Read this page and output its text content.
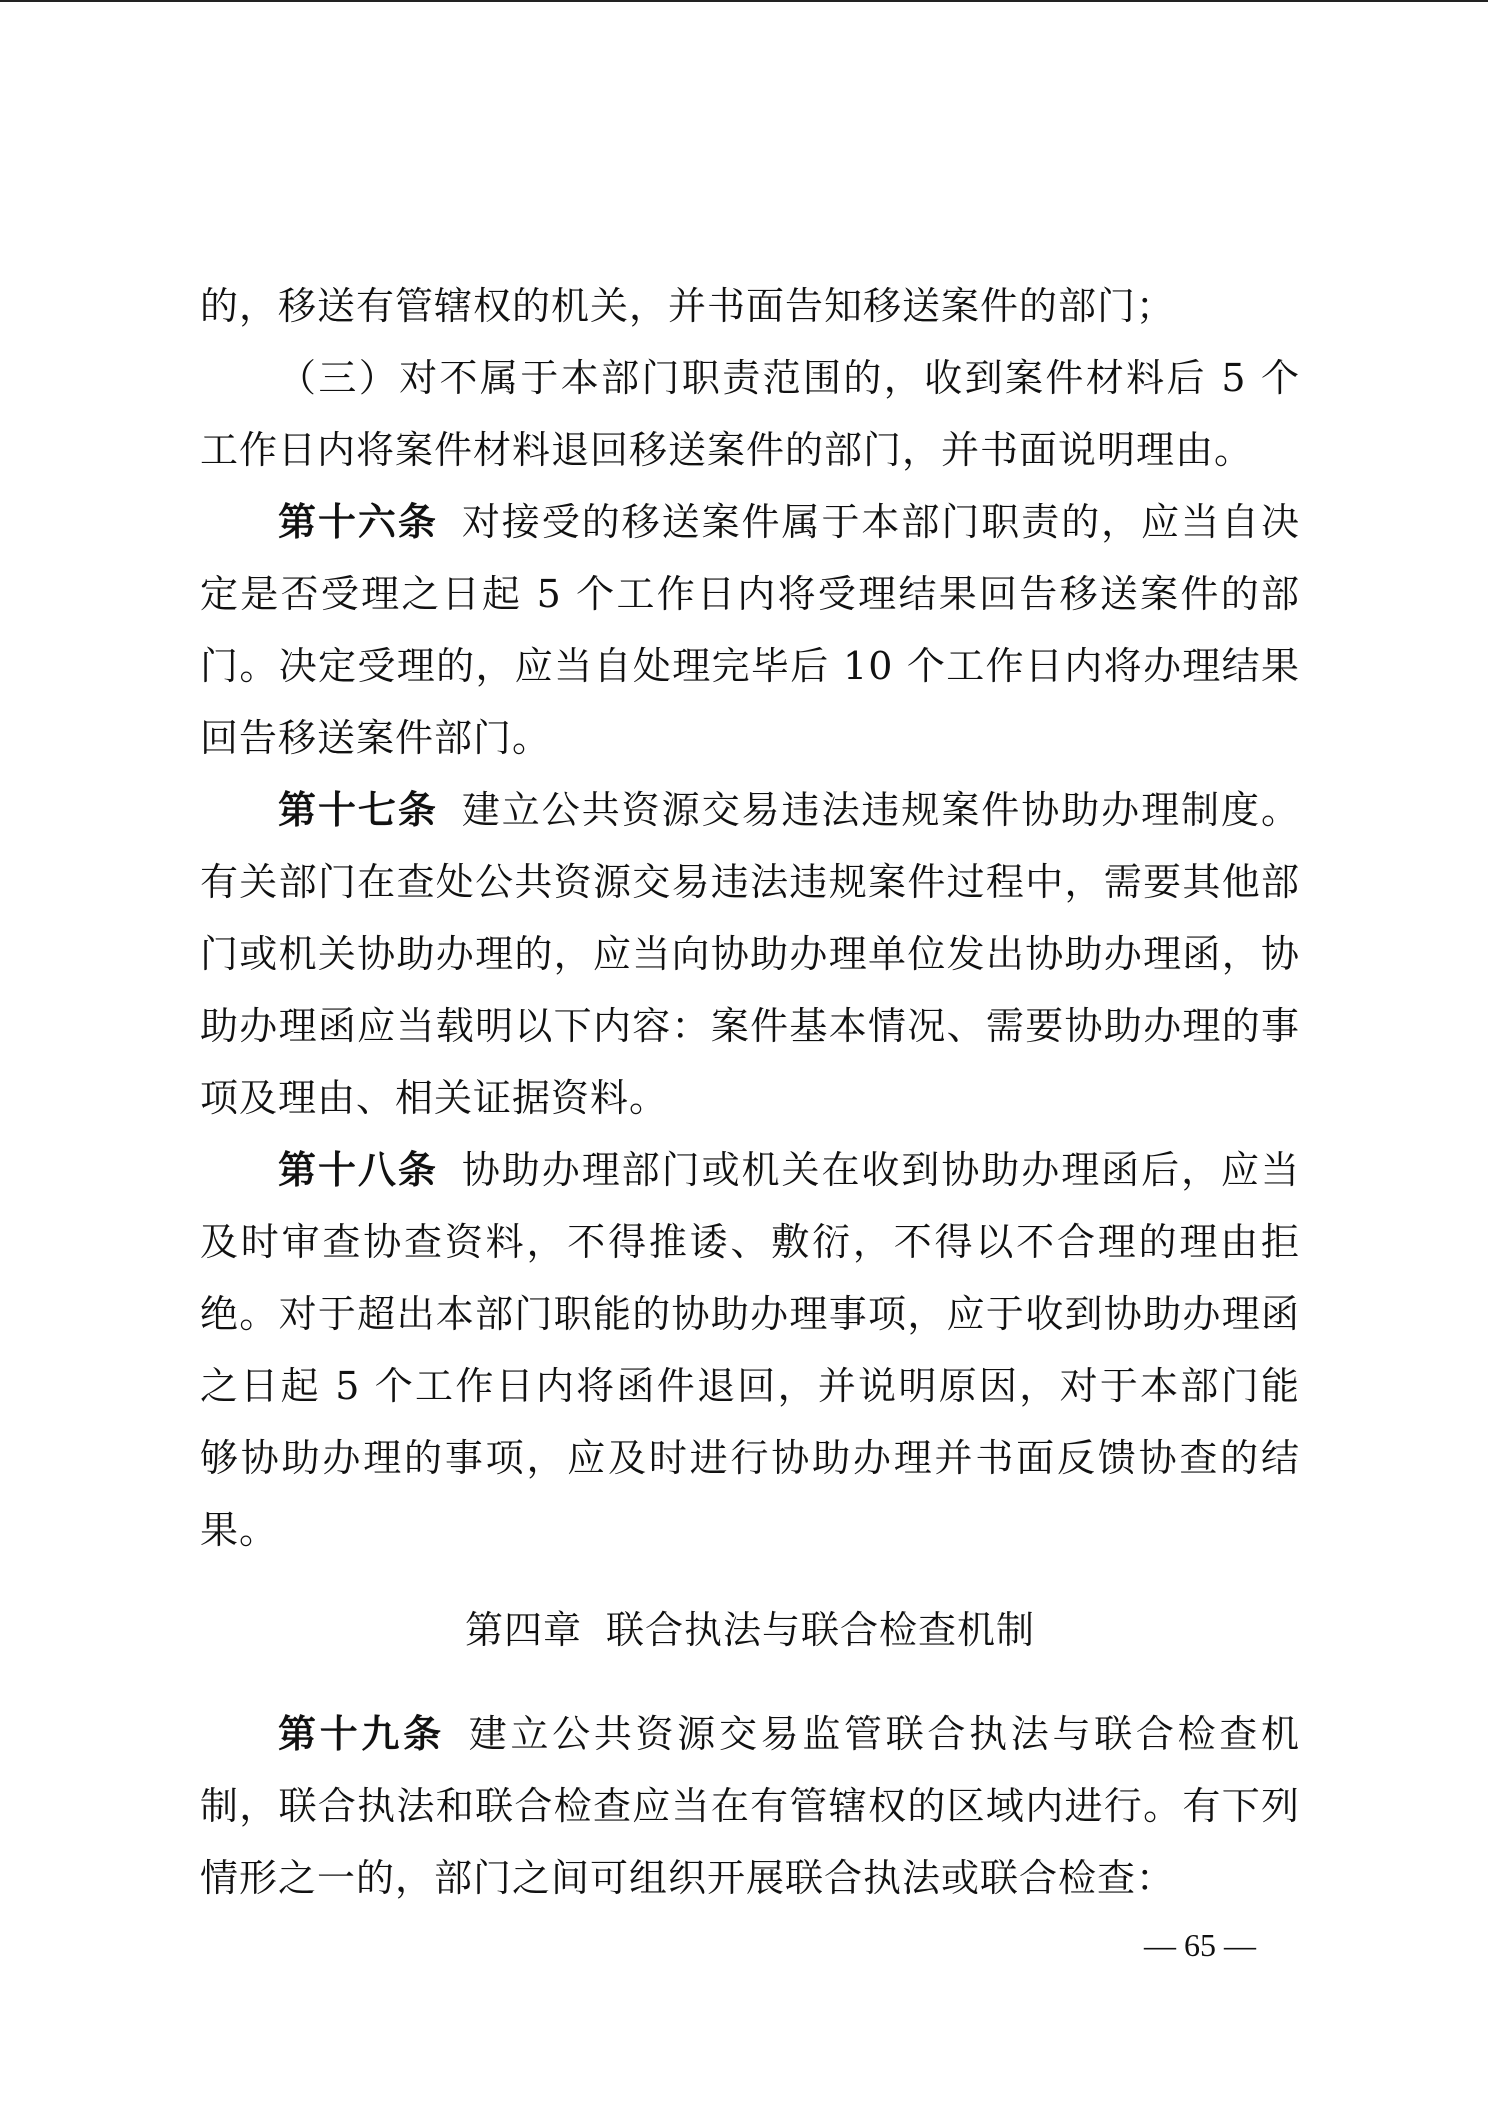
的，移送有管辖权的机关，并书面告知移送案件的部门；

（三）对不属于本部门职责范围的，收到案件材料后 5 个工作日内将案件材料退回移送案件的部门，并书面说明理由。

第十六条 对接受的移送案件属于本部门职责的，应当自决定是否受理之日起 5 个工作日内将受理结果回告移送案件的部门。决定受理的，应当自处理完毕后 10 个工作日内将办理结果回告移送案件部门。

第十七条 建立公共资源交易违法违规案件协助办理制度。有关部门在查处公共资源交易违法违规案件过程中，需要其他部门或机关协助办理的，应当向协助办理单位发出协助办理函，协助办理函应当载明以下内容：案件基本情况、需要协助办理的事项及理由、相关证据资料。

第十八条 协助办理部门或机关在收到协助办理函后，应当及时审查协查资料，不得推诿、敷衍，不得以不合理的理由拒绝。对于超出本部门职能的协助办理事项，应于收到协助办理函之日起 5 个工作日内将函件退回，并说明原因，对于本部门能够协助办理的事项，应及时进行协助办理并书面反馈协查的结果。

第四章 联合执法与联合检查机制

第十九条 建立公共资源交易监管联合执法与联合检查机制，联合执法和联合检查应当在有管辖权的区域内进行。有下列情形之一的，部门之间可组织开展联合执法或联合检查：

— 65 —
